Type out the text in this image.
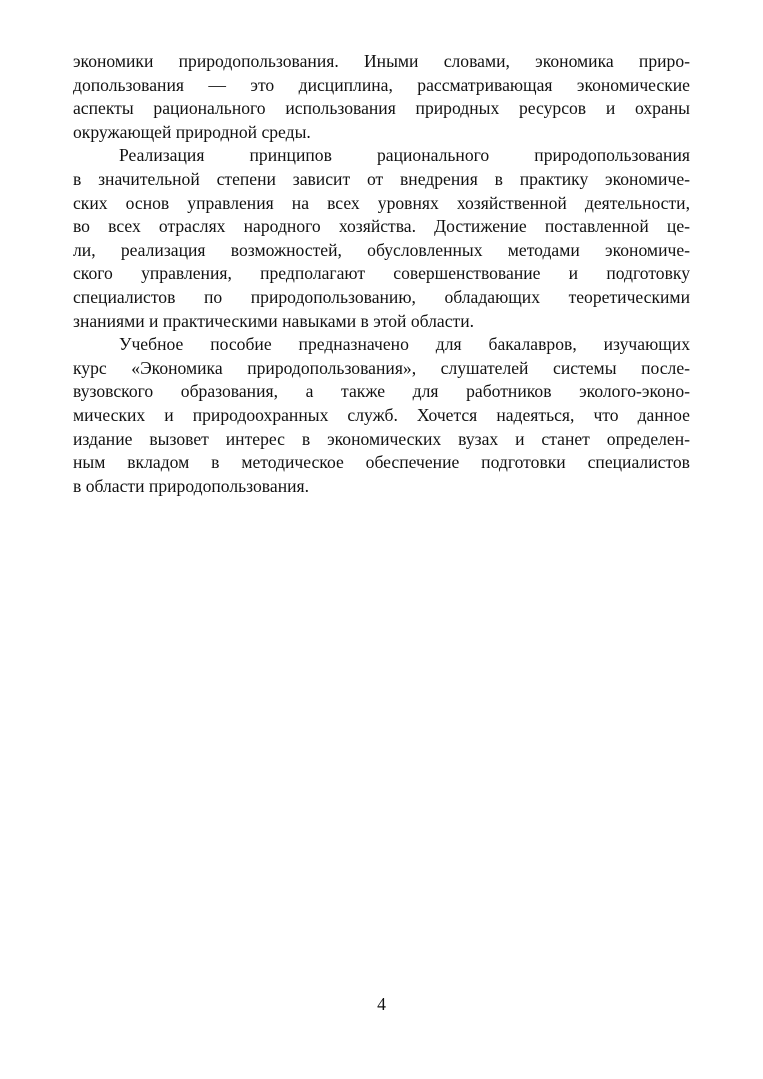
экономики природопользования. Иными словами, экономика приро-
допользования — это дисциплина, рассматривающая экономические
аспекты рационального использования природных ресурсов и охраны
окружающей природной среды.
Реализация принципов рационального природопользования
в значительной степени зависит от внедрения в практику экономиче-
ских основ управления на всех уровнях хозяйственной деятельности,
во всех отраслях народного хозяйства. Достижение поставленной це-
ли, реализация возможностей, обусловленных методами экономиче-
ского управления, предполагают совершенствование и подготовку
специалистов по природопользованию, обладающих теоретическими
знаниями и практическими навыками в этой области.
Учебное пособие предназначено для бакалавров, изучающих
курс «Экономика природопользования», слушателей системы после-
вузовского образования, а также для работников эколого-эконо-
мических и природоохранных служб. Хочется надеяться, что данное
издание вызовет интерес в экономических вузах и станет определен-
ным вкладом в методическое обеспечение подготовки специалистов
в области природопользования.
4
